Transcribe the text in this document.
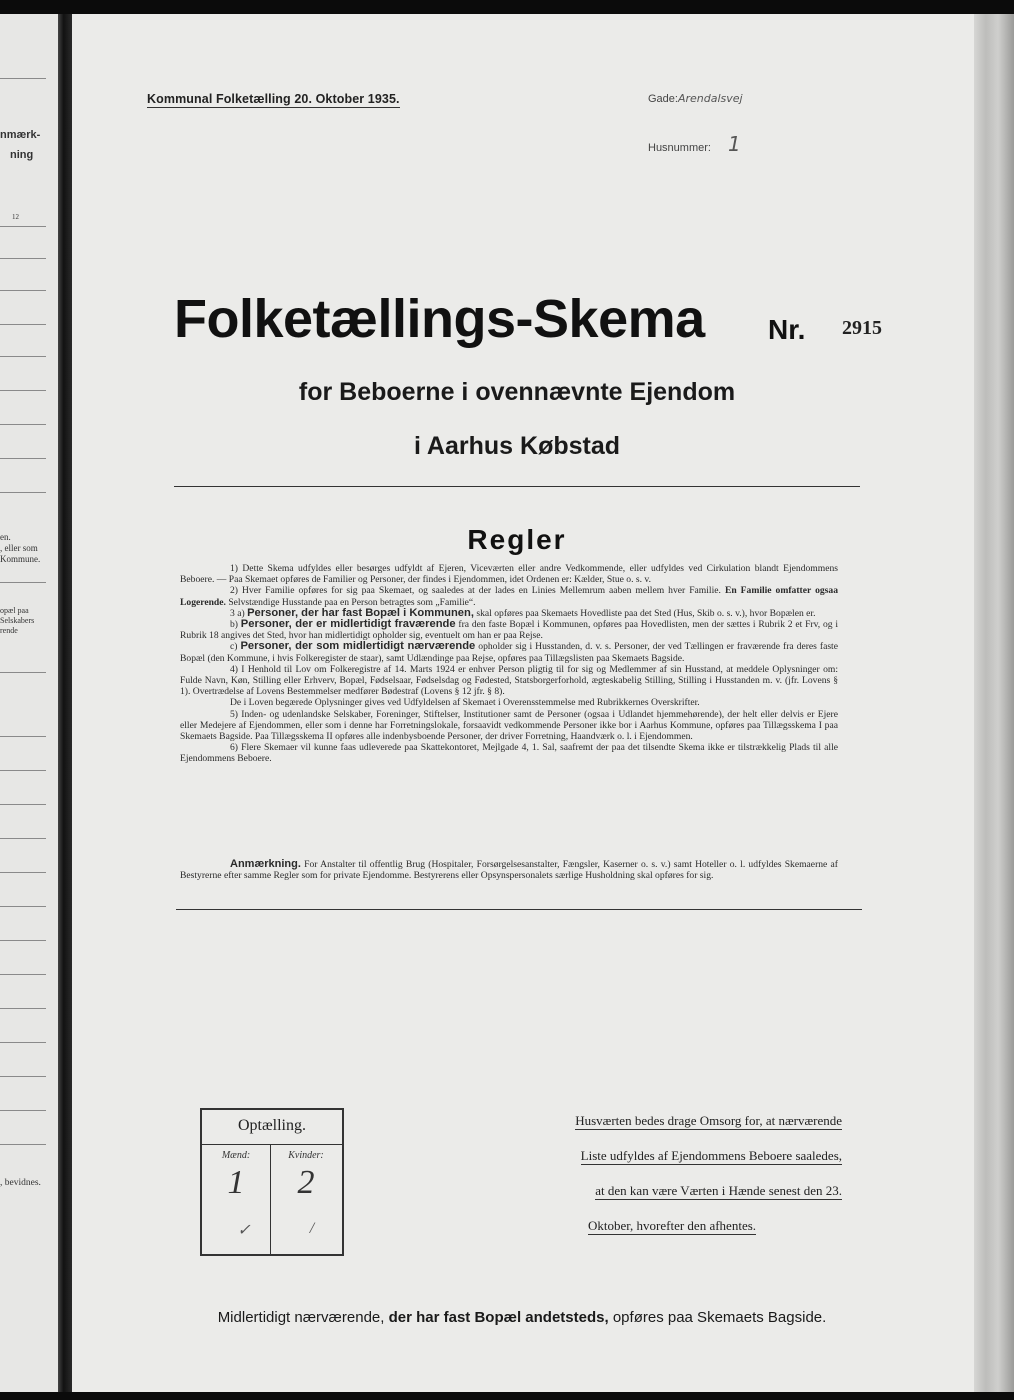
nmærk-
ning
12
en.
, eller som
Kommune.
opæl paa
Selskabers
rende
, bevidnes.
Kommunal Folketælling 20. Oktober 1935.	Gade:Arendalsvej
Husnummer: 1
Folketællings-Skema Nr. 2915
for Beboerne i ovennævnte Ejendom
i Aarhus Købstad
Regler

1) Dette Skema udfyldes eller besørges udfyldt af Ejeren, Viceværten eller andre Vedkommende, eller udfyldes ved Cirkulation blandt Ejendommens Beboere. — Paa Skemaet opføres de Familier og Personer, der findes i Ejendommen, idet Ordenen er: Kælder, Stue o. s. v.

2) Hver Familie opføres for sig paa Skemaet, og saaledes at der lades en Linies Mellemrum aaben mellem hver Familie. En Familie omfatter ogsaa Logerende. Selvstændige Husstande paa en Person betragtes som „Familie“.

3 a) Personer, der har fast Bopæl i Kommunen, skal opføres paa Skemaets Hovedliste paa det Sted (Hus, Skib o. s. v.), hvor Bopælen er.

b) Personer, der er midlertidigt fraværende fra den faste Bopæl i Kommunen, opføres paa Hovedlisten, men der sættes i Rubrik 2 et Frv, og i Rubrik 18 angives det Sted, hvor han midlertidigt opholder sig, eventuelt om han er paa Rejse.

c) Personer, der som midlertidigt nærværende opholder sig i Husstanden, d. v. s. Personer, der ved Tællingen er fraværende fra deres faste Bopæl (den Kommune, i hvis Folkeregister de staar), samt Udlændinge paa Rejse, opføres paa Tillægslisten paa Skemaets Bagside.

4) I Henhold til Lov om Folkeregistre af 14. Marts 1924 er enhver Person pligtig til for sig og Medlemmer af sin Husstand, at meddele Oplysninger om: Fulde Navn, Køn, Stilling eller Erhverv, Bopæl, Fødselsaar, Fødselsdag og Fødested, Statsborgerforhold, ægteskabelig Stilling, Stilling i Husstanden m. v. (jfr. Lovens § 1). Overtrædelse af Lovens Bestemmelser medfører Bødestraf (Lovens § 12 jfr. § 8).

De i Loven begærede Oplysninger gives ved Udfyldelsen af Skemaet i Overensstemmelse med Rubrikkernes Overskrifter.

5) Inden- og udenlandske Selskaber, Foreninger, Stiftelser, Institutioner samt de Personer (ogsaa i Udlandet hjemmehørende), der helt eller delvis er Ejere eller Medejere af Ejendommen, eller som i denne har Forretningslokale, forsaavidt vedkommende Personer ikke bor i Aarhus Kommune, opføres paa Tillægsskema I paa Skemaets Bagside. Paa Tillægsskema II opføres alle indenbysboende Personer, der driver Forretning, Haandværk o. l. i Ejendommen.

6) Flere Skemaer vil kunne faas udleverede paa Skattekontoret, Mejlgade 4, 1. Sal, saafremt der paa det tilsendte Skema ikke er tilstrækkelig Plads til alle Ejendommens Beboere.

Anmærkning. For Anstalter til offentlig Brug (Hospitaler, Forsørgelsesanstalter, Fængsler, Kaserner o. s. v.) samt Hoteller o. l. udfyldes Skemaerne af Bestyrerne efter samme Regler som for private Ejendomme. Bestyrerens eller Opsynspersonalets særlige Husholdning skal opføres for sig.
Optælling.
Mænd:	Kvinder:
1	2
✓	/
Husværten bedes drage Omsorg for, at nærværende
Liste udfyldes af Ejendommens Beboere saaledes,
at den kan være Værten i Hænde senest den 23.
Oktober, hvorefter den afhentes.
Midlertidigt nærværende, der har fast Bopæl andetsteds, opføres paa Skemaets Bagside.
